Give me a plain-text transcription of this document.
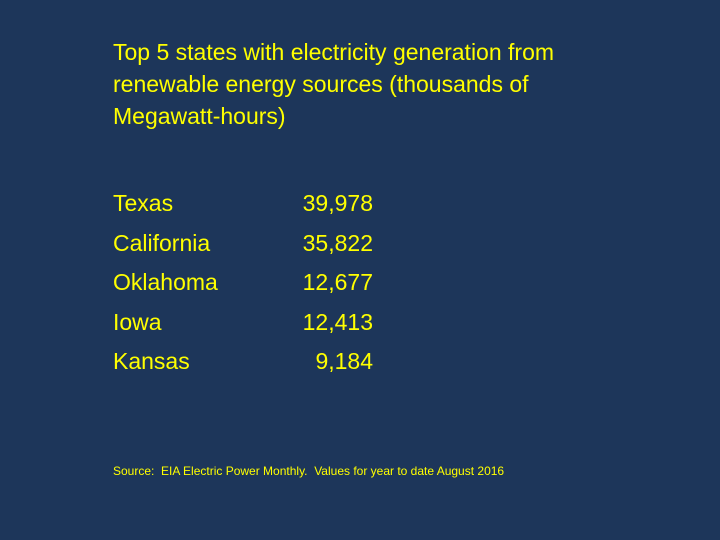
Top 5 states with electricity generation from
renewable energy sources (thousands of
Megawatt-hours)
Texas	39,978
California	35,822
Oklahoma	12,677
Iowa	12,413
Kansas	9,184

Source:  EIA Electric Power Monthly.  Values for year to date August 2016
